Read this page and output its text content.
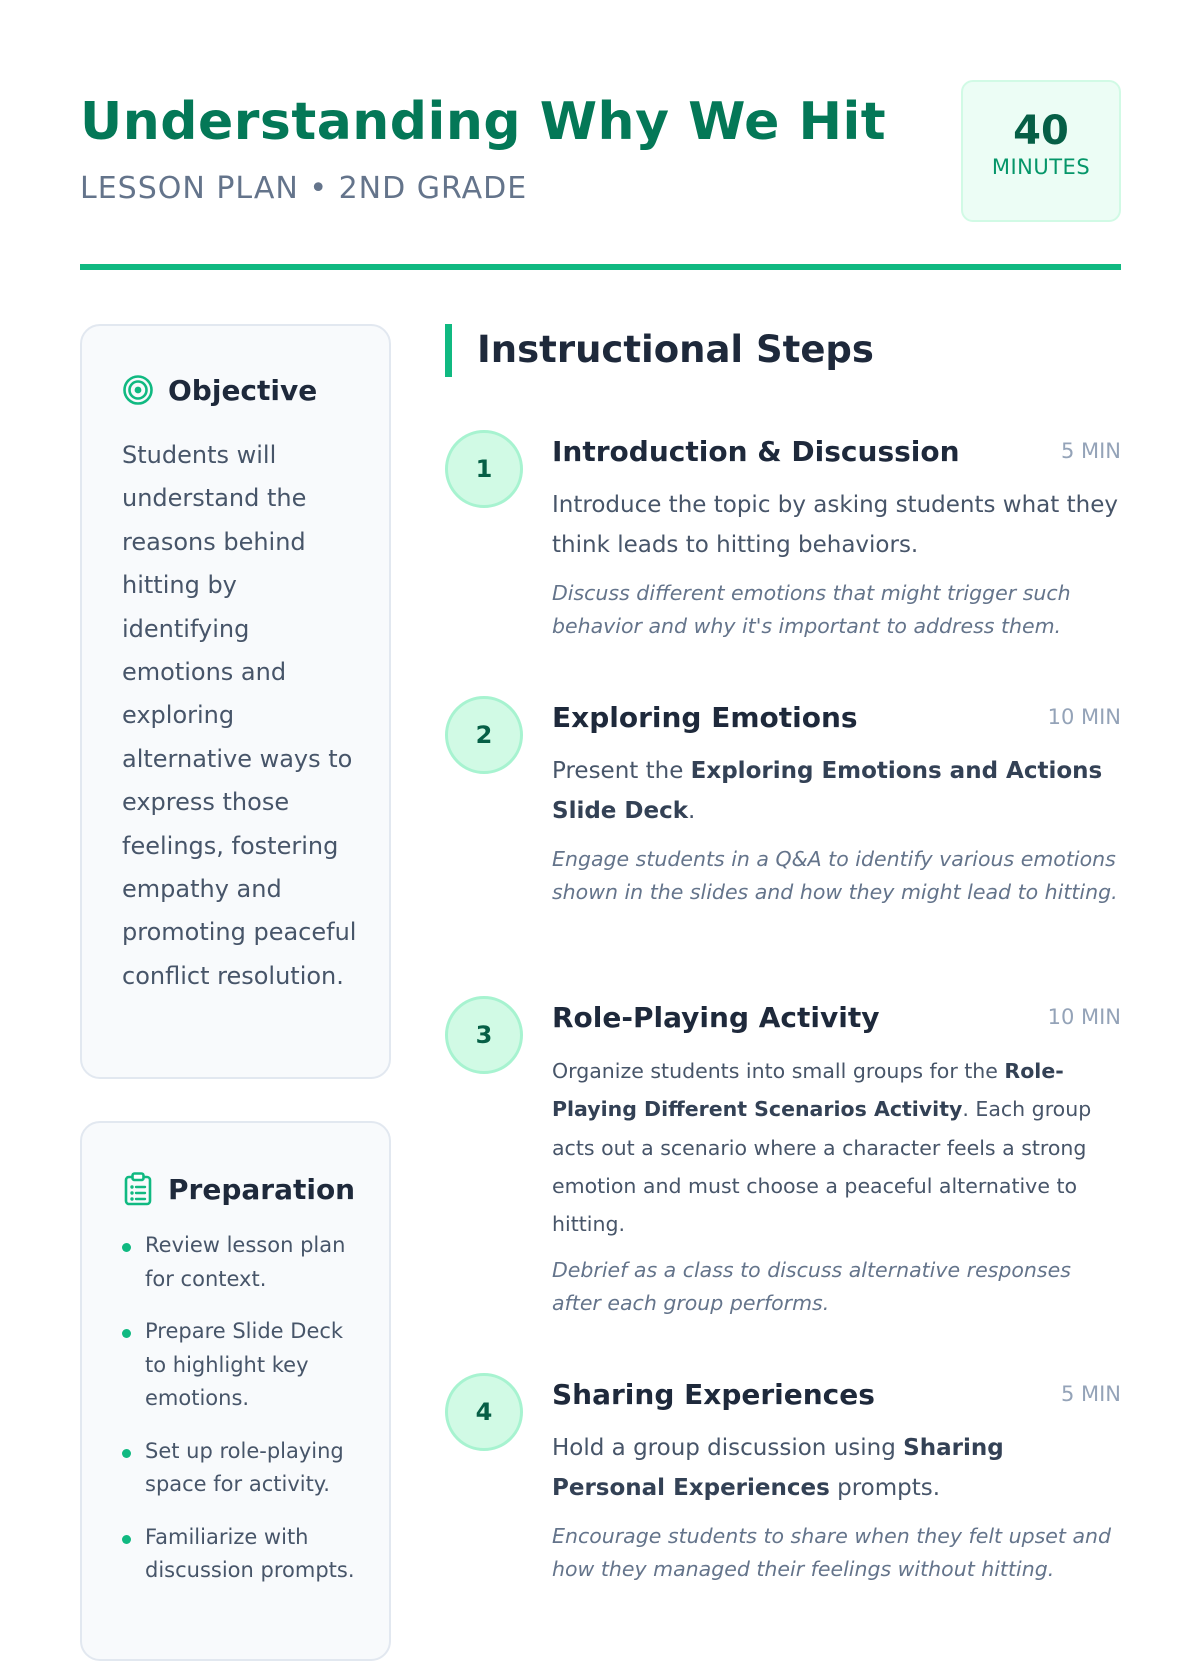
Understanding Why We Hit
LESSON PLAN • 2ND GRADE
40
MINUTES
Objective

Students will understand the reasons behind hitting by identifying emotions and exploring alternative ways to express those feelings, fostering empathy and promoting peaceful conflict resolution.

Preparation
Review lesson plan for context.
Prepare Slide Deck to highlight key emotions.
Set up role-playing space for activity.
Familiarize with discussion prompts.
Instructional Steps
1
Introduction & Discussion	5 MIN

Introduce the topic by asking students what they think leads to hitting behaviors.

Discuss different emotions that might trigger such behavior and why it's important to address them.

2
Exploring Emotions	10 MIN

Present the Exploring Emotions and Actions Slide Deck.

Engage students in a Q&A to identify various emotions shown in the slides and how they might lead to hitting.

3
Role-Playing Activity	10 MIN

Organize students into small groups for the Role-Playing Different Scenarios Activity. Each group acts out a scenario where a character feels a strong emotion and must choose a peaceful alternative to hitting.

Debrief as a class to discuss alternative responses after each group performs.

4
Sharing Experiences	5 MIN

Hold a group discussion using Sharing Personal Experiences prompts.

Encourage students to share when they felt upset and how they managed their feelings without hitting.
